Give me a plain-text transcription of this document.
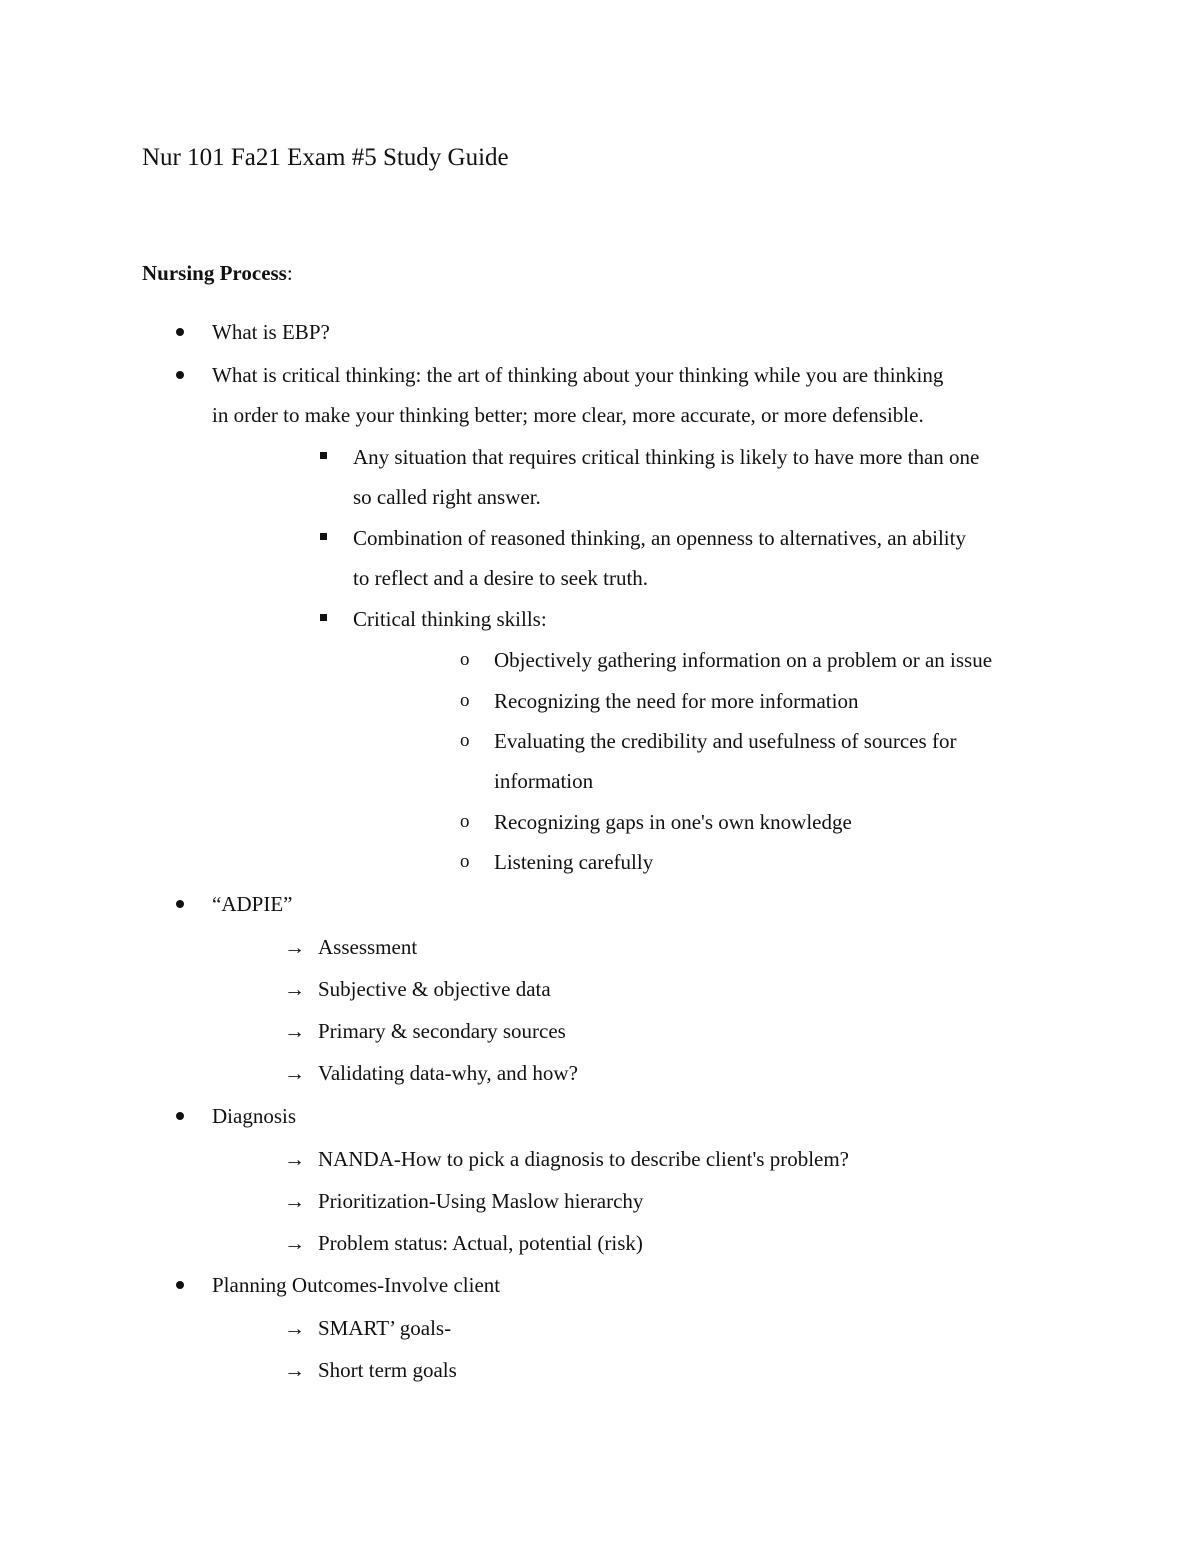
Nur 101 Fa21 Exam #5 Study Guide
Nursing Process:
What is EBP?
What is critical thinking: the art of thinking about your thinking while you are thinking
in order to make your thinking better; more clear, more accurate, or more defensible.
Any situation that requires critical thinking is likely to have more than one
so called right answer.
Combination of reasoned thinking, an openness to alternatives, an ability
to reflect and a desire to seek truth.
Critical thinking skills:
o Objectively gathering information on a problem or an issue
o Recognizing the need for more information
o Evaluating the credibility and usefulness of sources for
information
o Recognizing gaps in one's own knowledge
o Listening carefully
“ADPIE”
→ Assessment
→ Subjective & objective data
→ Primary & secondary sources
→ Validating data-why, and how?
Diagnosis
→ NANDA-How to pick a diagnosis to describe client's problem?
→ Prioritization-Using Maslow hierarchy
→ Problem status: Actual, potential (risk)
Planning Outcomes-Involve client
→ SMART’ goals-
→ Short term goals
